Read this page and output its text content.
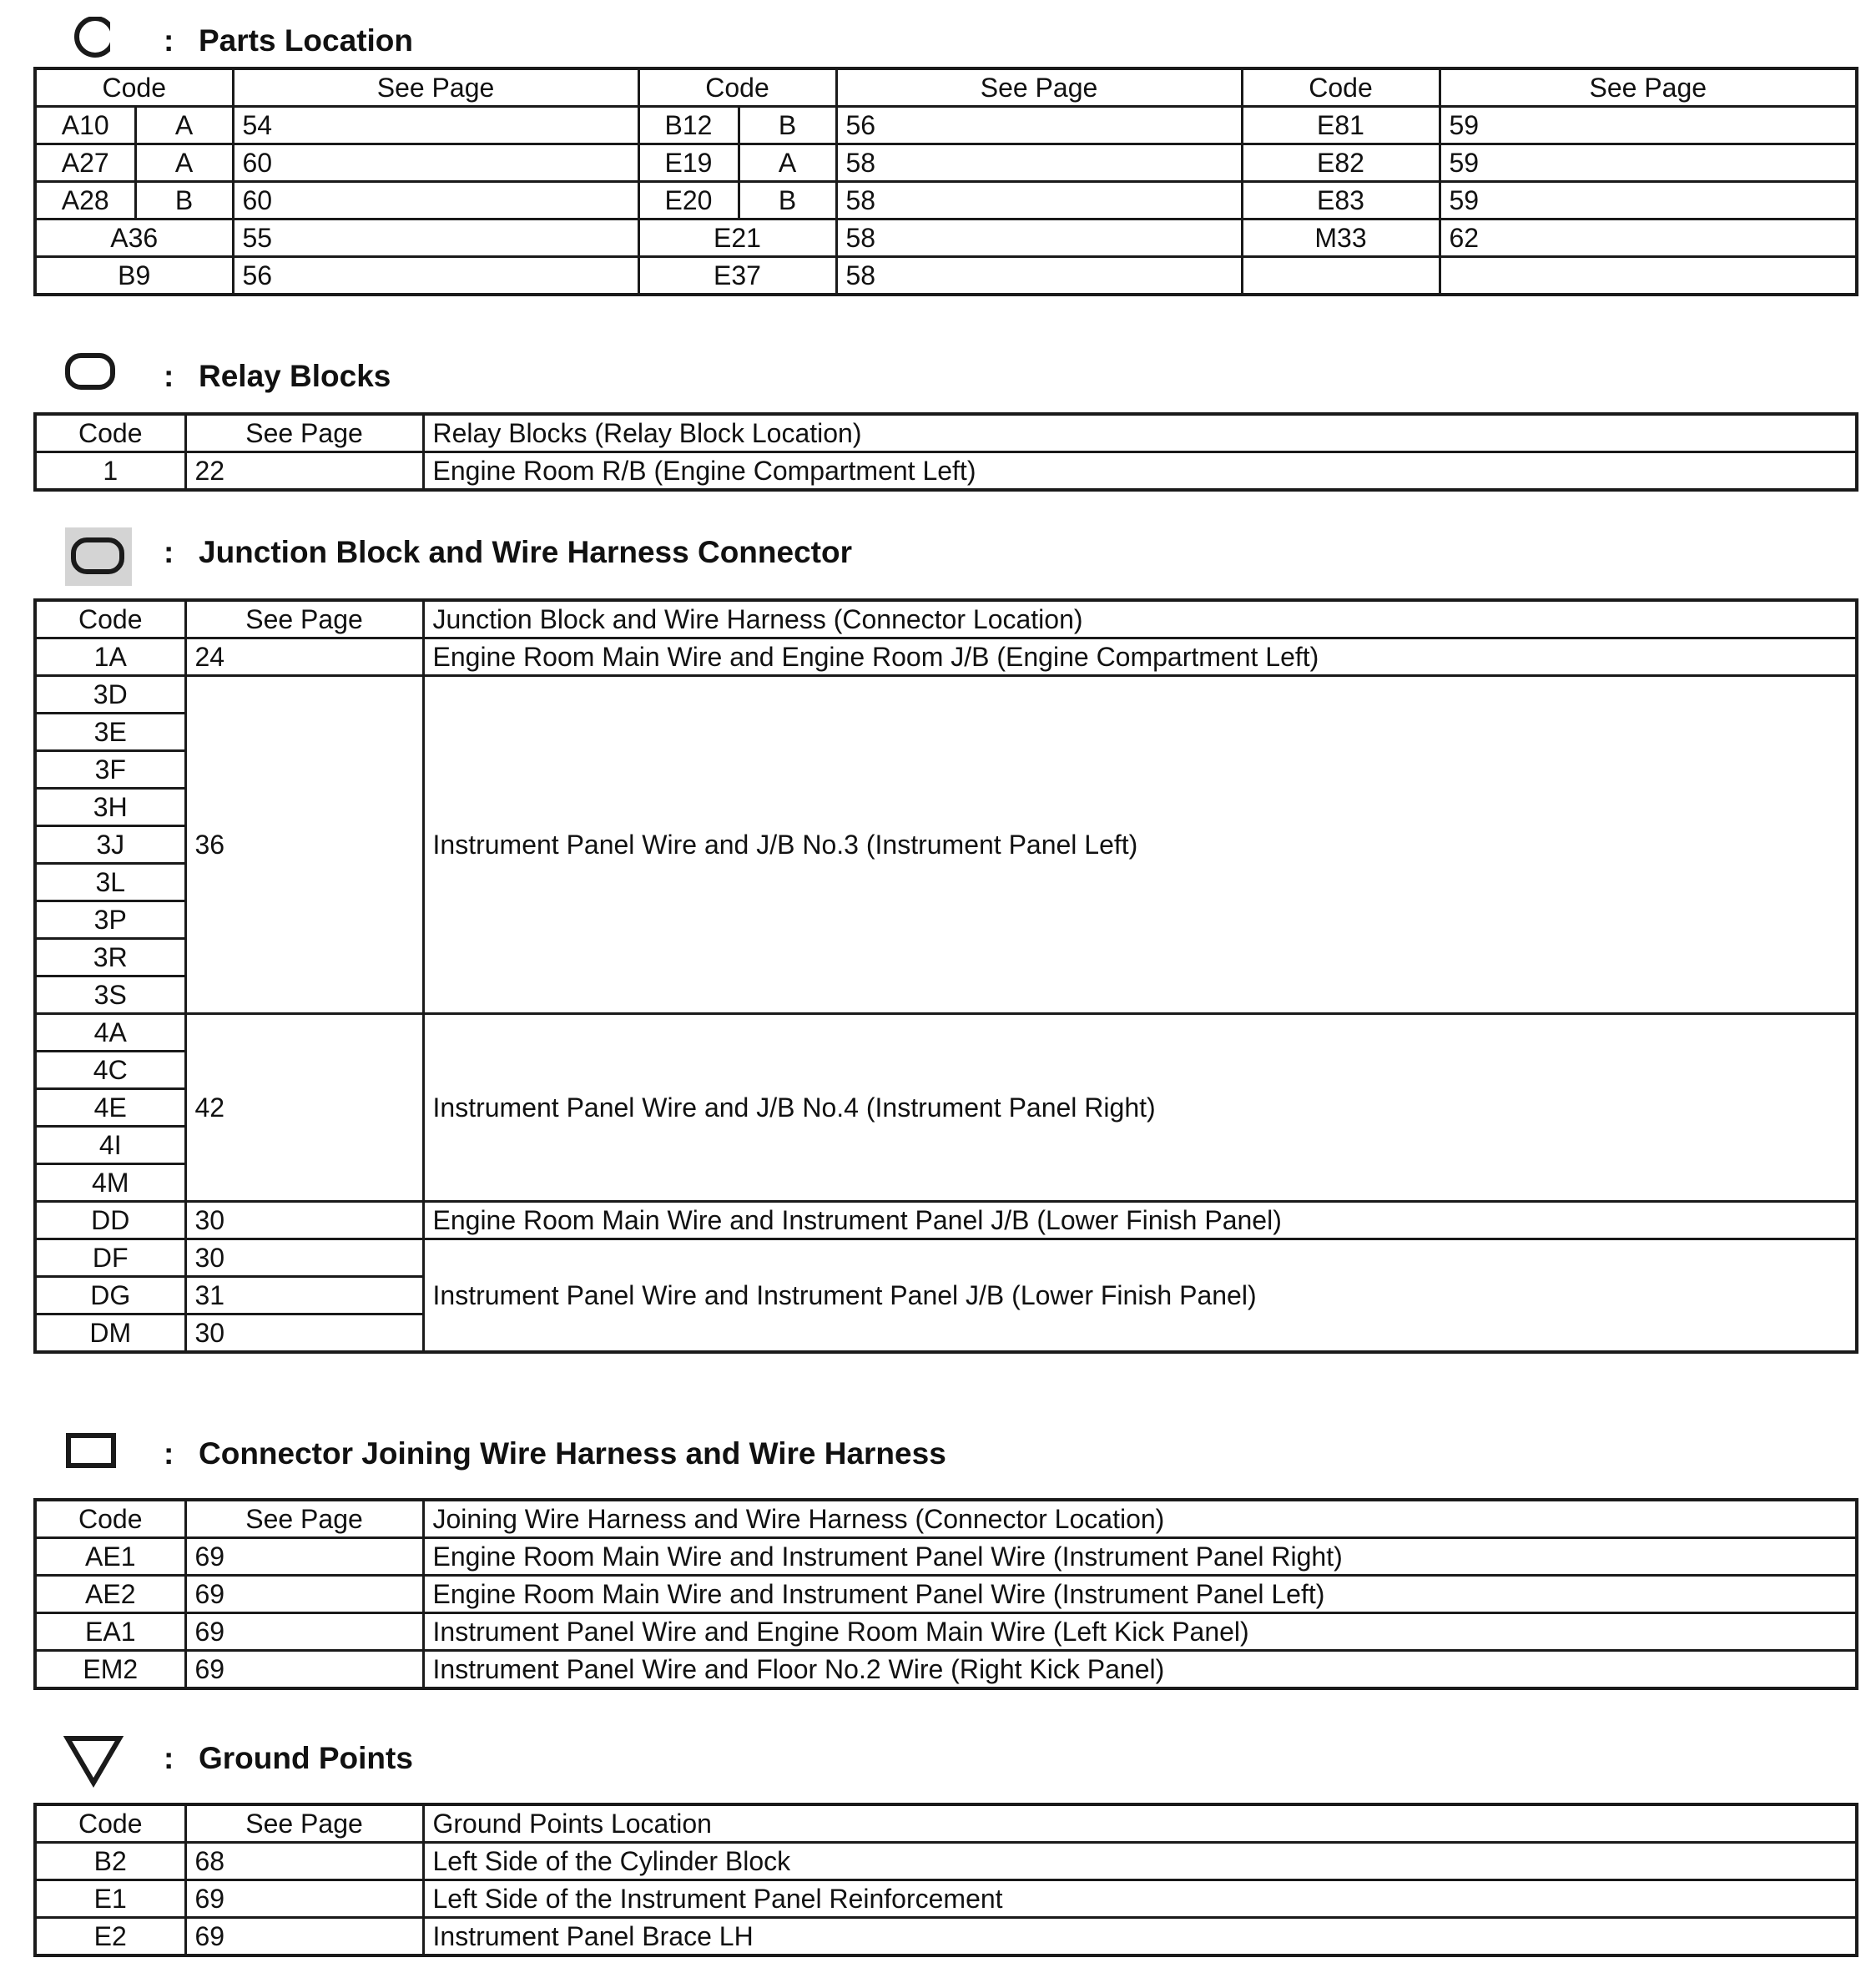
: Parts Location
Code		See Page	Code		See Page	Code	See Page
A10	A	54	B12	B	56	E81	59
A27	A	60	E19	A	58	E82	59
A28	B	60	E20	B	58	E83	59
A36		55	E21		58	M33	62
B9		56	E37		58		
: Relay Blocks
Code	See Page	Relay Blocks (Relay Block Location)
1	22	Engine Room R/B (Engine Compartment Left)
: Junction Block and Wire Harness Connector
Code	See Page	Junction Block and Wire Harness (Connector Location)
1A	24	Engine Room Main Wire and Engine Room J/B (Engine Compartment Left)
3D	36	Instrument Panel Wire and J/B No.3 (Instrument Panel Left)
3E		
3F		
3H		
3J		
3L		
3P		
3R		
3S		
4A	42	Instrument Panel Wire and J/B No.4 (Instrument Panel Right)
4C		
4E		
4I		
4M		
DD	30	Engine Room Main Wire and Instrument Panel J/B (Lower Finish Panel)
DF	30	Instrument Panel Wire and Instrument Panel J/B (Lower Finish Panel)
DG	31	
DM	30	
: Connector Joining Wire Harness and Wire Harness
Code	See Page	Joining Wire Harness and Wire Harness (Connector Location)
AE1	69	Engine Room Main Wire and Instrument Panel Wire (Instrument Panel Right)
AE2	69	Engine Room Main Wire and Instrument Panel Wire (Instrument Panel Left)
EA1	69	Instrument Panel Wire and Engine Room Main Wire (Left Kick Panel)
EM2	69	Instrument Panel Wire and Floor No.2 Wire (Right Kick Panel)
: Ground Points
Code	See Page	Ground Points Location
B2	68	Left Side of the Cylinder Block
E1	69	Left Side of the Instrument Panel Reinforcement
E2	69	Instrument Panel Brace LH
